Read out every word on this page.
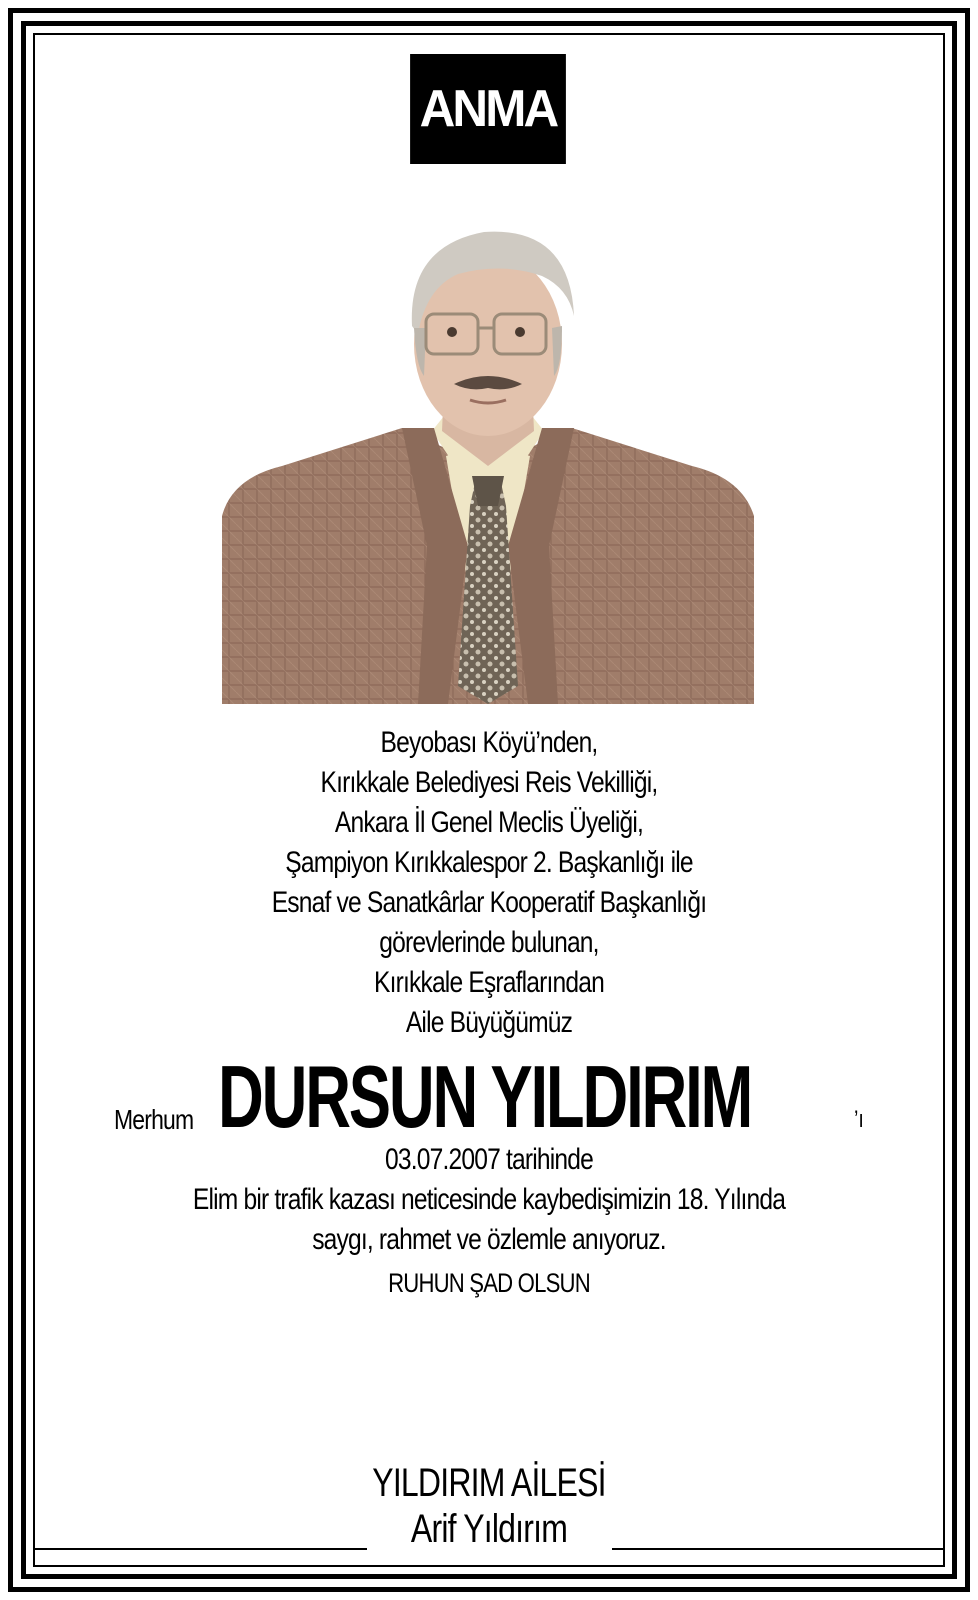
ANMA
Beyobası Köyü’nden,
Kırıkkale Belediyesi Reis Vekilliği,
Ankara İl Genel Meclis Üyeliği,
Şampiyon Kırıkkalespor 2. Başkanlığı ile
Esnaf ve Sanatkârlar Kooperatif Başkanlığı
görevlerinde bulunan,
Kırıkkale Eşraflarından
Aile Büyüğümüz
Merhum DURSUN YILDIRIM	’ı
03.07.2007 tarihinde
Elim bir trafik kazası neticesinde kaybedişimizin 18. Yılında
saygı, rahmet ve özlemle anıyoruz.
RUHUN ŞAD OLSUN
YILDIRIM AİLESİ
Arif Yıldırım
